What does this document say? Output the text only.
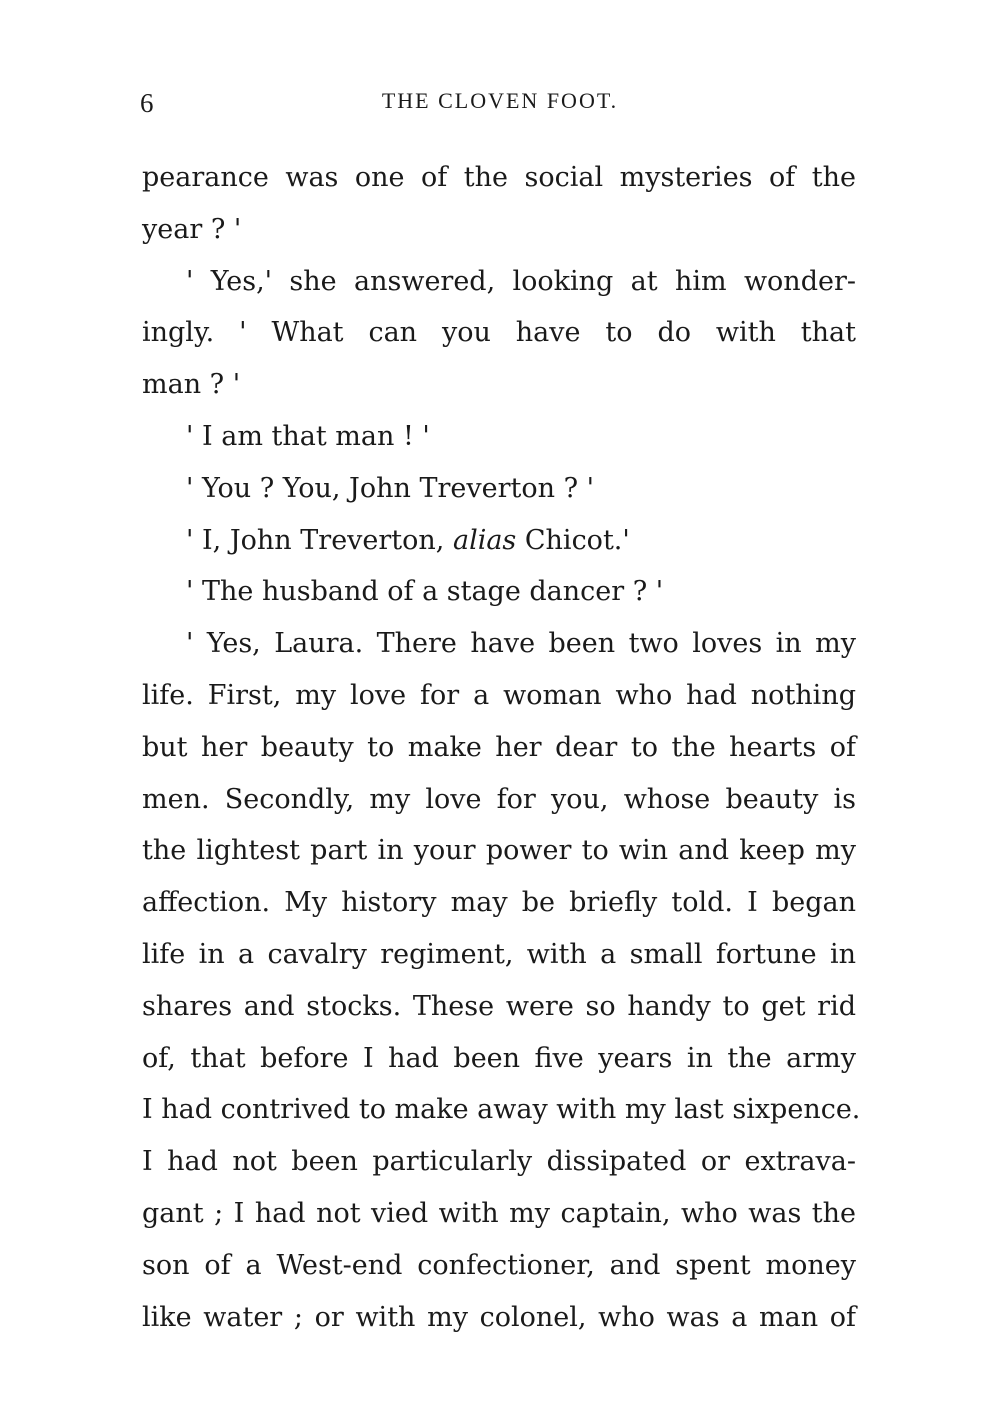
6	THE CLOVEN FOOT.
pearance was one of the social mysteries of the
year ? '
' Yes,' she answered, looking at him wonder-
ingly. ' What can you have to do with that
man ? '
' I am that man ! '
' You ? You, John Treverton ? '
' I, John Treverton, alias Chicot.'
' The husband of a stage dancer ? '
' Yes, Laura. There have been two loves in my
life. First, my love for a woman who had nothing
but her beauty to make her dear to the hearts of
men. Secondly, my love for you, whose beauty is
the lightest part in your power to win and keep my
affection. My history may be briefly told. I began
life in a cavalry regiment, with a small fortune in
shares and stocks. These were so handy to get rid
of, that before I had been five years in the army
I had contrived to make away with my last sixpence.
I had not been particularly dissipated or extrava-
gant ; I had not vied with my captain, who was the
son of a West-end confectioner, and spent money
like water ; or with my colonel, who was a man of
